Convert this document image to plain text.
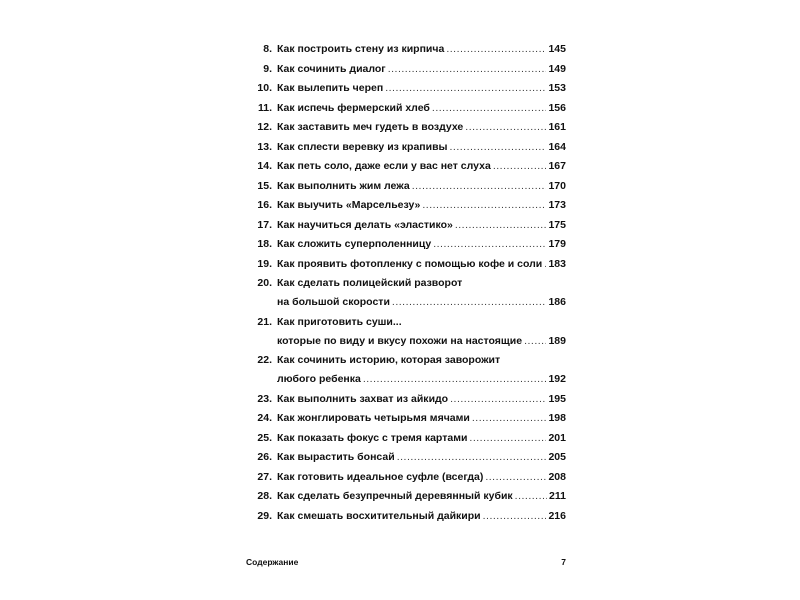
8. Как построить стену из кирпича .....	145
9. Как сочинить диалог .....	149
10. Как вылепить череп .....	153
11. Как испечь фермерский хлеб .....	156
12. Как заставить меч гудеть в воздухе .....	161
13. Как сплести веревку из крапивы .....	164
14. Как петь соло, даже если у вас нет слуха .....	167
15. Как выполнить жим лежа .....	170
16. Как выучить «Марсельезу» .....	173
17. Как научиться делать «эластико» .....	175
18. Как сложить суперполенницу .....	179
19. Как проявить фотопленку с помощью кофе и соли ..... 183
20. Как сделать полицейский разворот
на большой скорости .....	186
21. Как приготовить суши...
которые по виду и вкусу похожи на настоящие .....	189
22. Как сочинить историю, которая заворожит
любого ребенка .....	192
23. Как выполнить захват из айкидо .....	195
24. Как жонглировать четырьмя мячами .....	198
25. Как показать фокус с тремя картами .....	201
26. Как вырастить бонсай .....	205
27. Как готовить идеальное суфле (всегда) .....	208
28. Как сделать безупречный деревянный кубик .....	211
29. Как смешать восхитительный дайкири .....	216
Содержание	7
